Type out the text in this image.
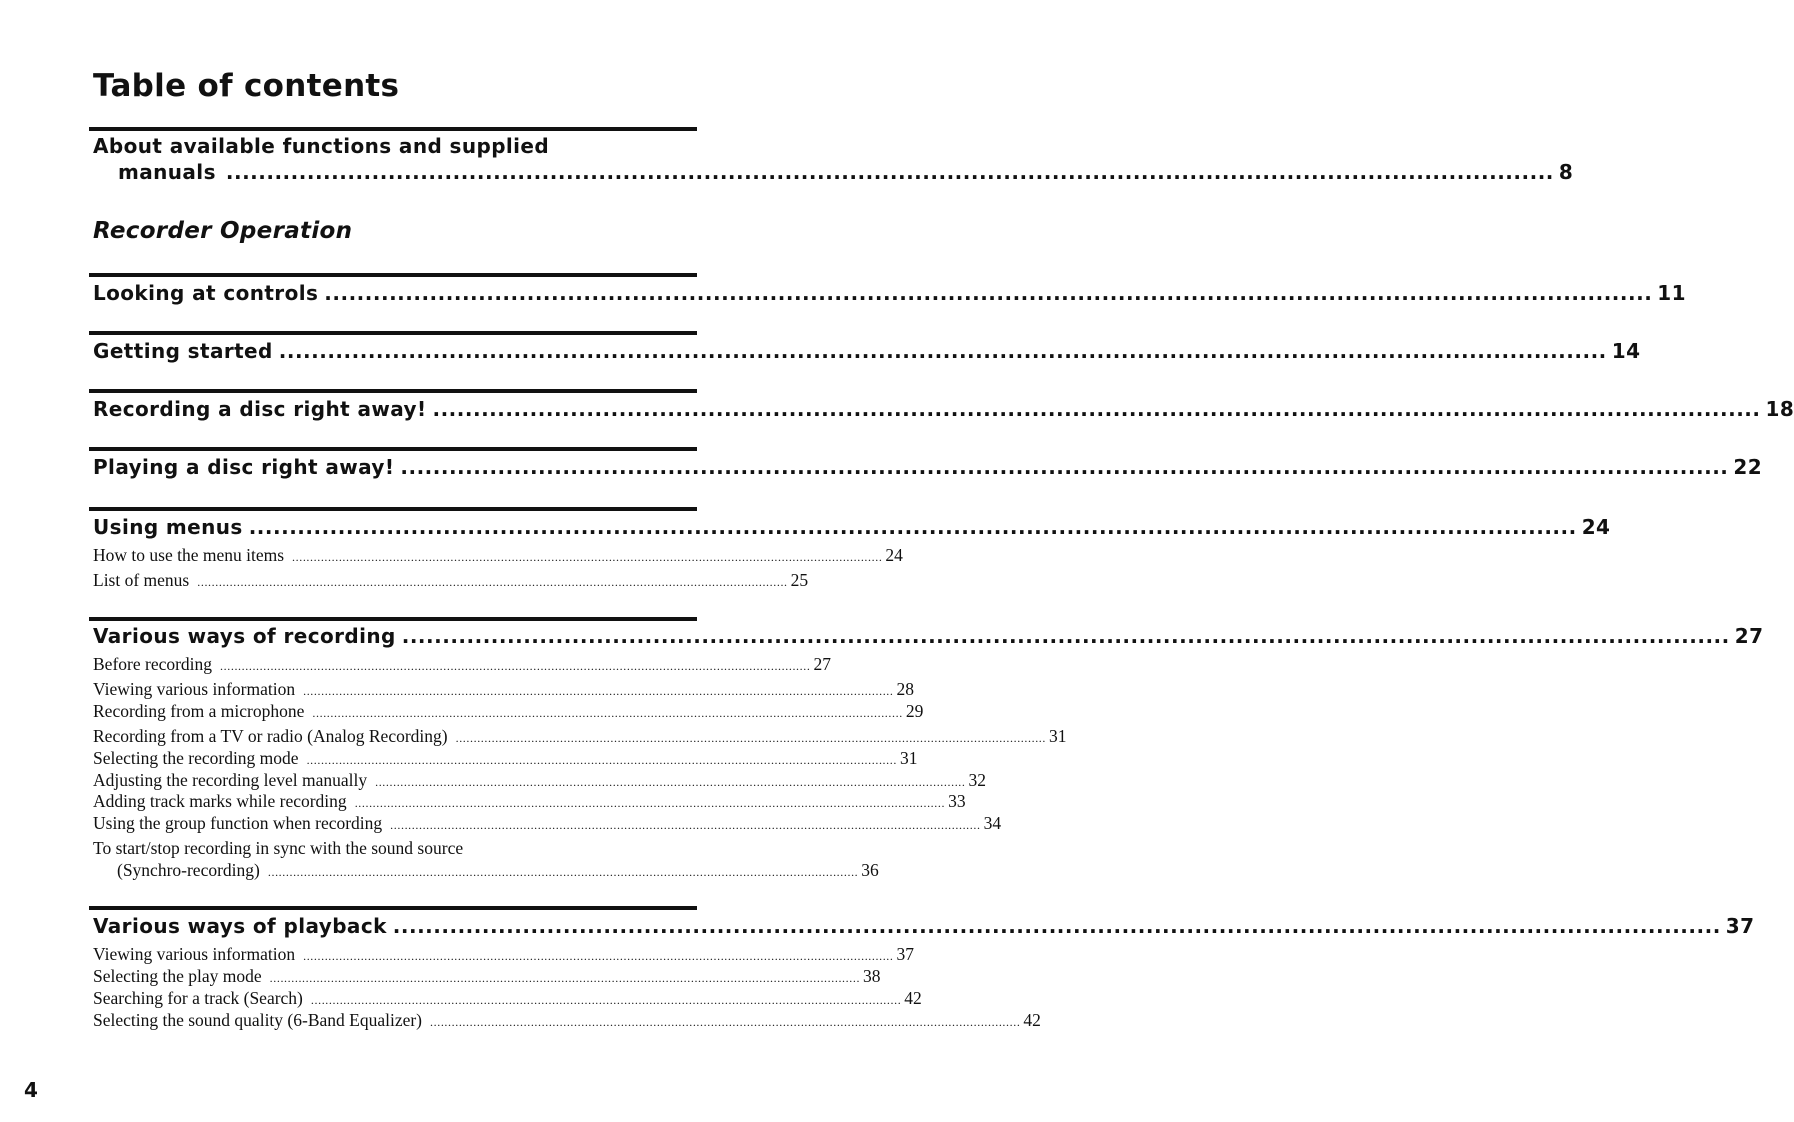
Table of contents
About available functions and supplied
manuals .................................................................................................................................................................... 8
Recorder Operation
Looking at controls .................................................................................................................................................................... 11
Getting started .................................................................................................................................................................... 14
Recording a disc right away! .................................................................................................................................................................... 18
Playing a disc right away! .................................................................................................................................................................... 22
Using menus .................................................................................................................................................................... 24
How to use the menu items .................................................................................................................................................................... 24
List of menus .................................................................................................................................................................... 25
Various ways of recording .................................................................................................................................................................... 27
Before recording .................................................................................................................................................................... 27
Viewing various information .................................................................................................................................................................... 28
Recording from a microphone .................................................................................................................................................................... 29
Recording from a TV or radio (Analog Recording) .................................................................................................................................................................... 31
Selecting the recording mode .................................................................................................................................................................... 31
Adjusting the recording level manually .................................................................................................................................................................... 32
Adding track marks while recording .................................................................................................................................................................... 33
Using the group function when recording .................................................................................................................................................................... 34
To start/stop recording in sync with the sound source
(Synchro-recording) .................................................................................................................................................................... 36
Various ways of playback .................................................................................................................................................................... 37
Viewing various information .................................................................................................................................................................... 37
Selecting the play mode .................................................................................................................................................................... 38
Searching for a track (Search) .................................................................................................................................................................... 42
Selecting the sound quality (6-Band Equalizer) .................................................................................................................................................................... 42
4
